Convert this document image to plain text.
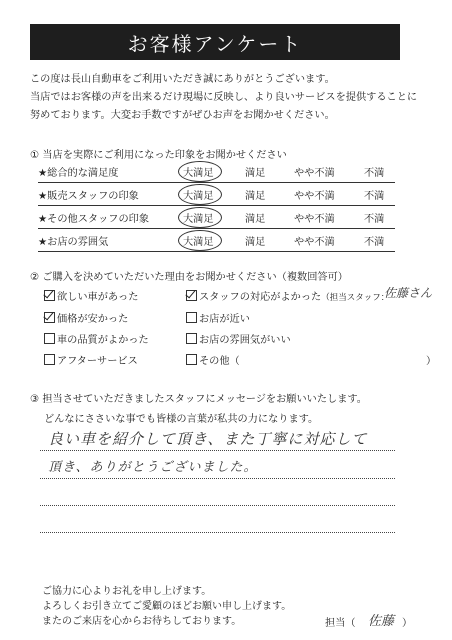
お客様アンケート
この度は長山自動車をご利用いただき誠にありがとうございます。
当店ではお客様の声を出来るだけ現場に反映し、より良いサービスを提供することに
努めております。大変お手数ですがぜひお声をお聞かせください。
① 当店を実際にご利用になった印象をお聞かせください
★総合的な満足度	大満足	満足	やや不満	不満
★販売スタッフの印象	大満足	満足	やや不満	不満
★その他スタッフの印象	大満足	満足	やや不満	不満
★お店の雰囲気	大満足	満足	やや不満	不満
② ご購入を決めていただいた理由をお聞かせください（複数回答可）
欲しい車があった	スタッフの対応がよかった（担当スタッフ：
佐藤さん
価格が安かった	お店が近い
車の品質がよかった	お店の雰囲気がいい
アフターサービス	その他（	）
③ 担当させていただきましたスタッフにメッセージをお願いいたします。
どんなにささいな事でも皆様の言葉が私共の力になります。
良い車を紹介して頂き、また丁寧に対応して
頂き、ありがとうございました。
ご協力に心よりお礼を申し上げます。
よろしくお引き立てご愛顧のほどお願い申し上げます。
またのご来店を心からお待ちしております。	担当（ 佐藤 ）
